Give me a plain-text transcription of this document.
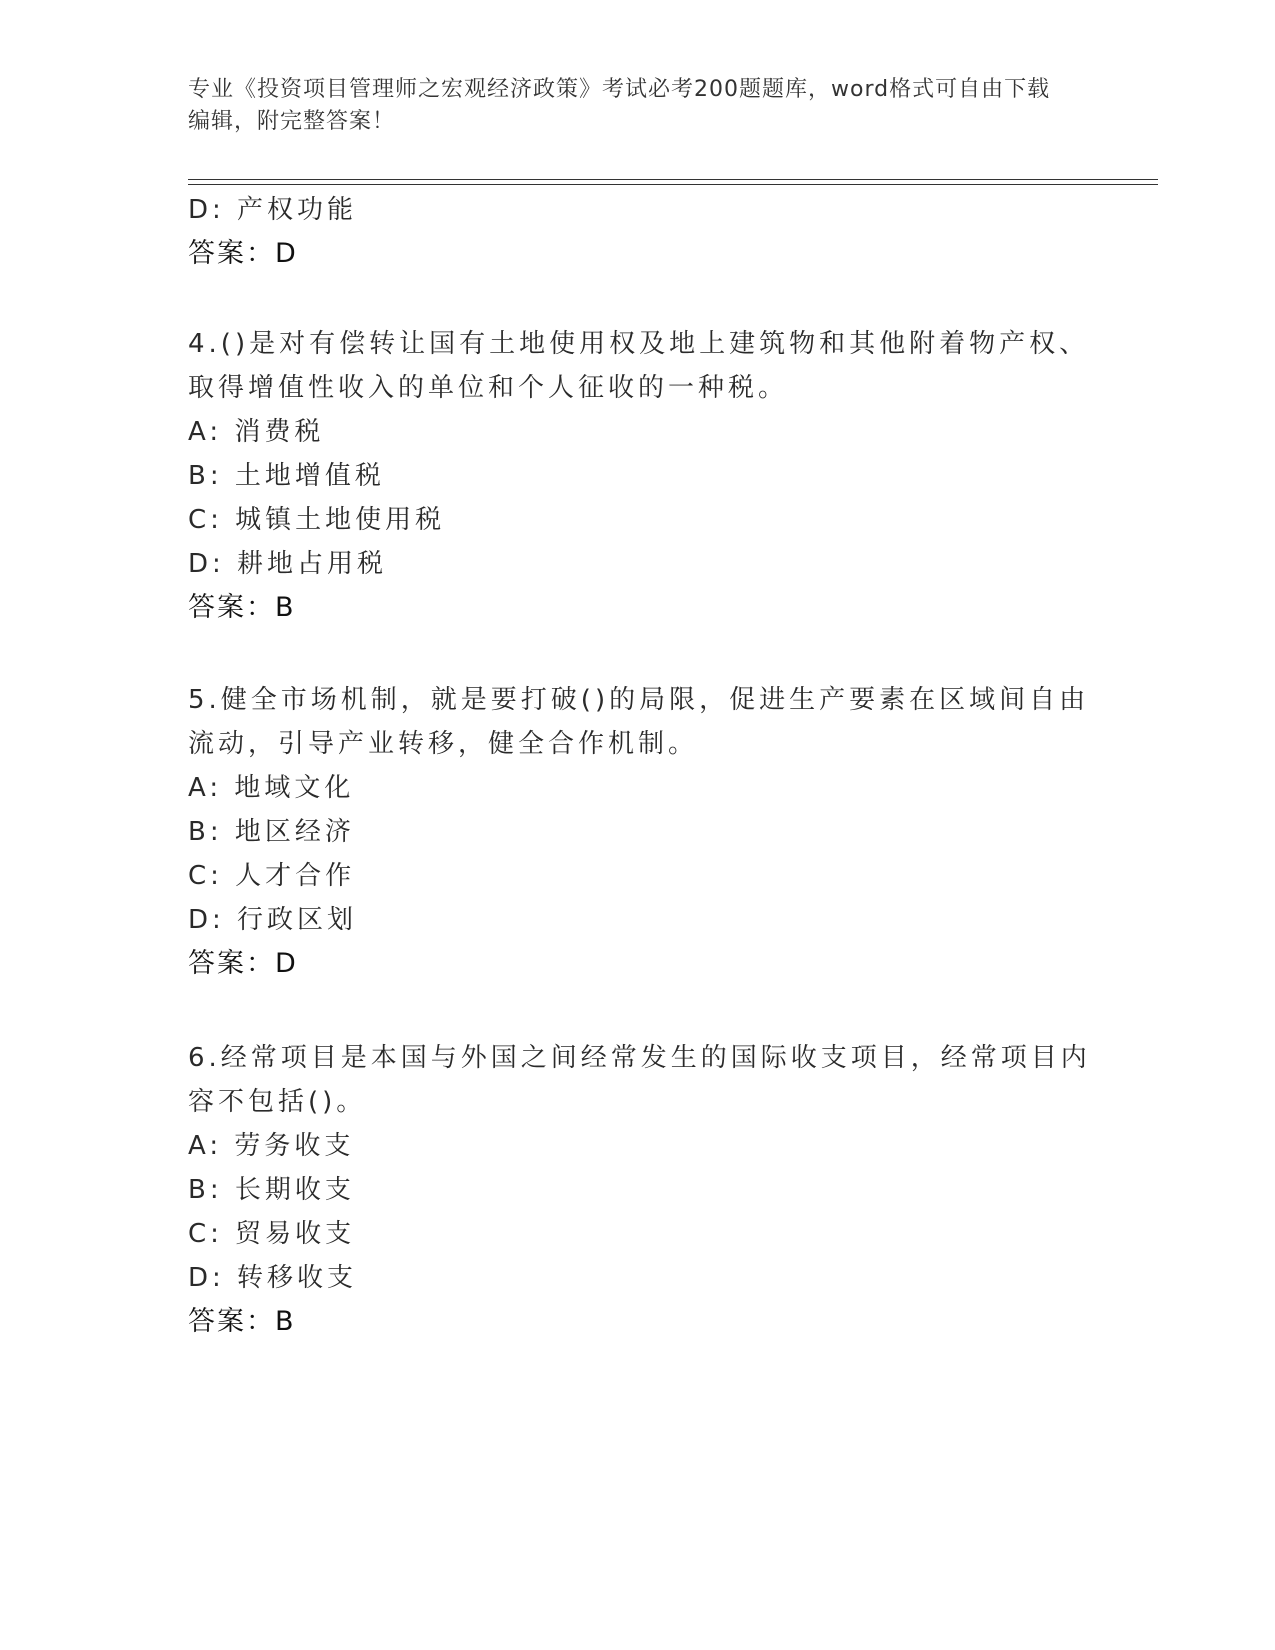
专业《投资项目管理师之宏观经济政策》考试必考200题题库，word格式可自由下载编辑，附完整答案！
D: 产权功能
答案：D
4.()是对有偿转让国有土地使用权及地上建筑物和其他附着物产权、
取得增值性收入的单位和个人征收的一种税。
A: 消费税
B: 土地增值税
C: 城镇土地使用税
D: 耕地占用税
答案：B
5.健全市场机制，就是要打破()的局限，促进生产要素在区域间自由
流动，引导产业转移，健全合作机制。
A: 地域文化
B: 地区经济
C: 人才合作
D: 行政区划
答案：D
6.经常项目是本国与外国之间经常发生的国际收支项目，经常项目内
容不包括()。
A: 劳务收支
B: 长期收支
C: 贸易收支
D: 转移收支
答案：B
